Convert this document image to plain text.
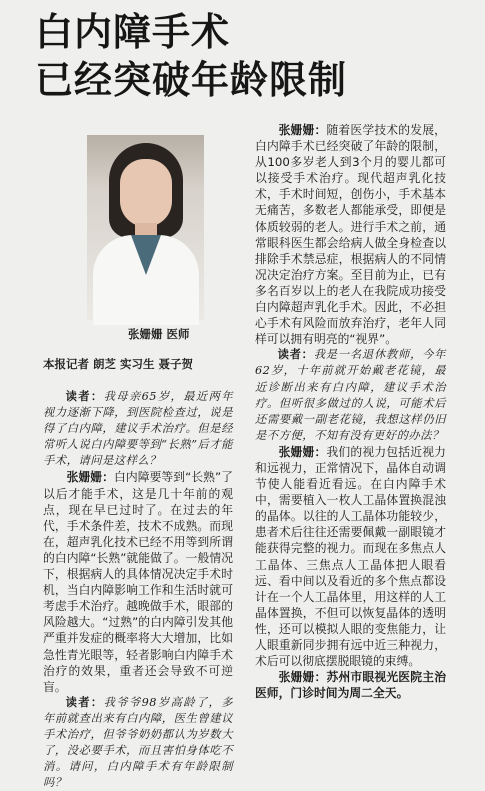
白内障手术
已经突破年龄限制

张姗姗 医师

本报记者 朗芝 实习生 聂子贺

读者：我母亲65岁，最近两年视力逐渐下降，到医院检查过，说是得了白内障，建议手术治疗。但是经常听人说白内障要等到“长熟”后才能手术，请问是这样么？

张姗姗：白内障要等到“长熟”了以后才能手术，这是几十年前的观点，现在早已过时了。在过去的年代，手术条件差，技术不成熟。而现在，超声乳化技术已经不用等到所谓的白内障“长熟”就能做了。一般情况下，根据病人的具体情况决定手术时机，当白内障影响工作和生活时就可考虑手术治疗。越晚做手术，眼部的风险越大。“过熟”的白内障引发其他严重并发症的概率将大大增加，比如急性青光眼等，轻者影响白内障手术治疗的效果，重者还会导致不可逆盲。

读者：我爷爷98岁高龄了，多年前就查出来有白内障，医生曾建议手术治疗，但爷爷奶奶都认为岁数大了，没必要手术，而且害怕身体吃不消。请问，白内障手术有年龄限制吗？

张姗姗：随着医学技术的发展，白内障手术已经突破了年龄的限制，从100多岁老人到3个月的婴儿都可以接受手术治疗。现代超声乳化技术，手术时间短，创伤小，手术基本无痛苦，多数老人都能承受，即便是体质较弱的老人。进行手术之前，通常眼科医生都会给病人做全身检查以排除手术禁忌症，根据病人的不同情况决定治疗方案。至目前为止，已有多名百岁以上的老人在我院成功接受白内障超声乳化手术。因此，不必担心手术有风险而放弃治疗，老年人同样可以拥有明亮的“视界”。

读者：我是一名退休教师，今年62岁，十年前就开始戴老花镜，最近诊断出来有白内障，建议手术治疗。但听很多做过的人说，可能术后还需要戴一副老花镜，我想这样仍旧是不方便，不知有没有更好的办法？

张姗姗：我们的视力包括近视力和远视力，正常情况下，晶体自动调节使人能看近看远。在白内障手术中，需要植入一枚人工晶体置换混浊的晶体。以往的人工晶体功能较少，患者术后往往还需要佩戴一副眼镜才能获得完整的视力。而现在多焦点人工晶体、三焦点人工晶体把人眼看远、看中间以及看近的多个焦点都设计在一个人工晶体里，用这样的人工晶体置换，不但可以恢复晶体的透明性，还可以模拟人眼的变焦能力，让人眼重新同步拥有远中近三种视力，术后可以彻底摆脱眼镜的束缚。

张姗姗：苏州市眼视光医院主治医师，门诊时间为周二全天。
